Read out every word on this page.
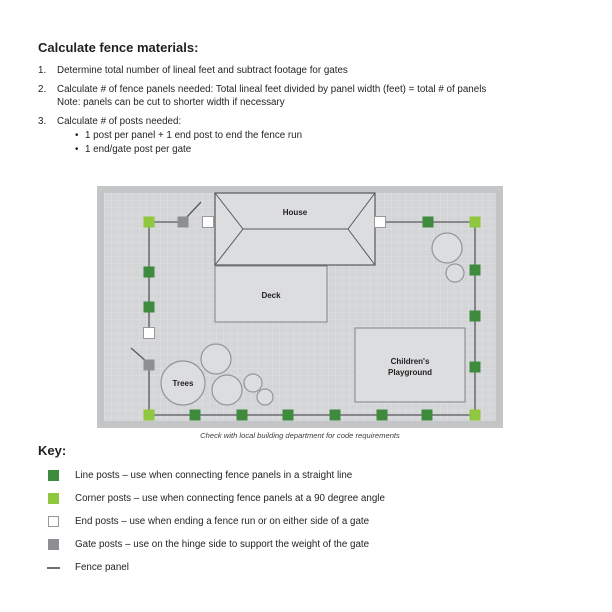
Calculate fence materials:
1.	Determine total number of lineal feet and subtract footage for gates
2.	Calculate # of fence panels needed: Total lineal feet divided by panel width (feet) = total # of panels
Note: panels can be cut to shorter width if necessary
3.	Calculate # of posts needed:
• 1 post per panel + 1 end post to end the fence run
• 1 end/gate post per gate
House
Deck
Children's
Playground
Trees
Check with local building department for code requirements
Key:
Line posts – use when connecting fence panels in a straight line
Corner posts – use when connecting fence panels at a 90 degree angle
End posts – use when ending a fence run or on either side of a gate
Gate posts – use on the hinge side to support the weight of the gate
Fence panel
